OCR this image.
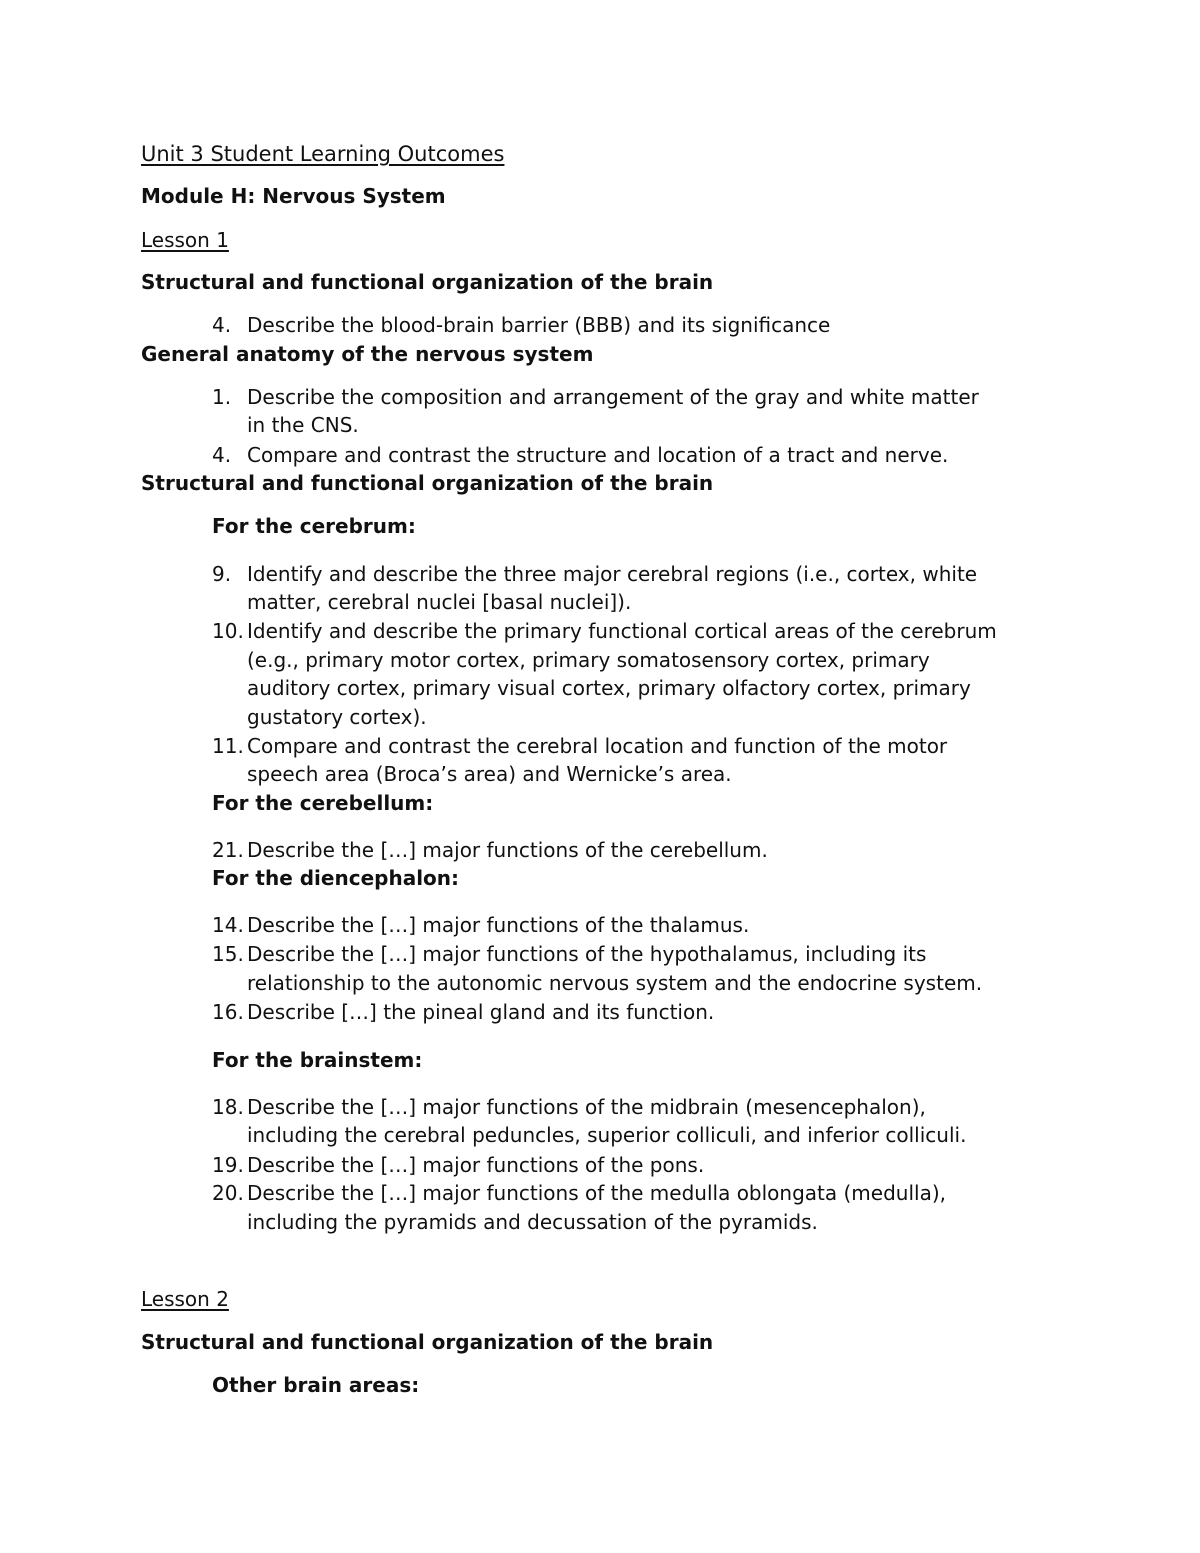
Unit 3 Student Learning Outcomes
Module H: Nervous System
Lesson 1
Structural and functional organization of the brain
4. Describe the blood-brain barrier (BBB) and its significance
General anatomy of the nervous system
1. Describe the composition and arrangement of the gray and white matter
in the CNS.
4. Compare and contrast the structure and location of a tract and nerve.
Structural and functional organization of the brain
For the cerebrum:
9. Identify and describe the three major cerebral regions (i.e., cortex, white
matter, cerebral nuclei [basal nuclei]).
10. Identify and describe the primary functional cortical areas of the cerebrum
(e.g., primary motor cortex, primary somatosensory cortex, primary
auditory cortex, primary visual cortex, primary olfactory cortex, primary
gustatory cortex).
11. Compare and contrast the cerebral location and function of the motor
speech area (Broca’s area) and Wernicke’s area.
For the cerebellum:
21. Describe the […] major functions of the cerebellum.
For the diencephalon:
14. Describe the […] major functions of the thalamus.
15. Describe the […] major functions of the hypothalamus, including its
relationship to the autonomic nervous system and the endocrine system.
16. Describe […] the pineal gland and its function.
For the brainstem:
18. Describe the […] major functions of the midbrain (mesencephalon),
including the cerebral peduncles, superior colliculi, and inferior colliculi.
19. Describe the […] major functions of the pons.
20. Describe the […] major functions of the medulla oblongata (medulla),
including the pyramids and decussation of the pyramids.
Lesson 2
Structural and functional organization of the brain
Other brain areas:
